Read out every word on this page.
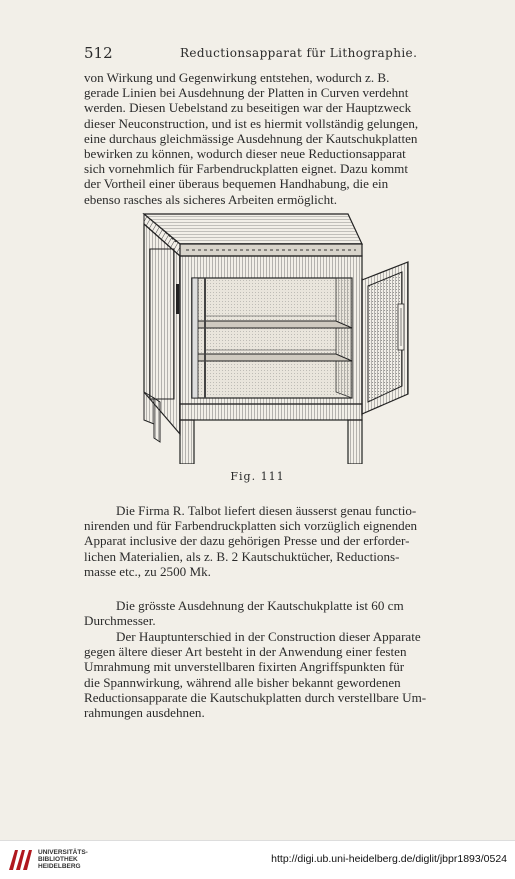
512	Reductionsapparat für Lithographie.
von Wirkung und Gegenwirkung entstehen, wodurch z. B.
gerade Linien bei Ausdehnung der Platten in Curven verdehnt
werden. Diesen Uebelstand zu beseitigen war der Hauptzweck
dieser Neuconstruction, und ist es hiermit vollständig gelungen,
eine durchaus gleichmässige Ausdehnung der Kautschukplatten
bewirken zu können, wodurch dieser neue Reductionsapparat
sich vornehmlich für Farbendruckplatten eignet. Dazu kommt
der Vortheil einer überaus bequemen Handhabung, die ein
ebenso rasches als sicheres Arbeiten ermöglicht.
Fig. 111
Die Firma R. Talbot liefert diesen äusserst genau functio-
nirenden und für Farbendruckplatten sich vorzüglich eignenden
Apparat inclusive der dazu gehörigen Presse und der erforder-
lichen Materialien, als z. B. 2 Kautschuktücher, Reductions-
masse etc., zu 2500 Mk.
Die grösste Ausdehnung der Kautschukplatte ist 60 cm
Durchmesser.
Der Hauptunterschied in der Construction dieser Apparate
gegen ältere dieser Art besteht in der Anwendung einer festen
Umrahmung mit unverstellbaren fixirten Angriffspunkten für
die Spannwirkung, während alle bisher bekannt gewordenen
Reductionsapparate die Kautschukplatten durch verstellbare Um-
rahmungen ausdehnen.
UNIVERSITÄTS-
BIBLIOTHEK
HEIDELBERG
http://digi.ub.uni-heidelberg.de/diglit/jbpr1893/0524
